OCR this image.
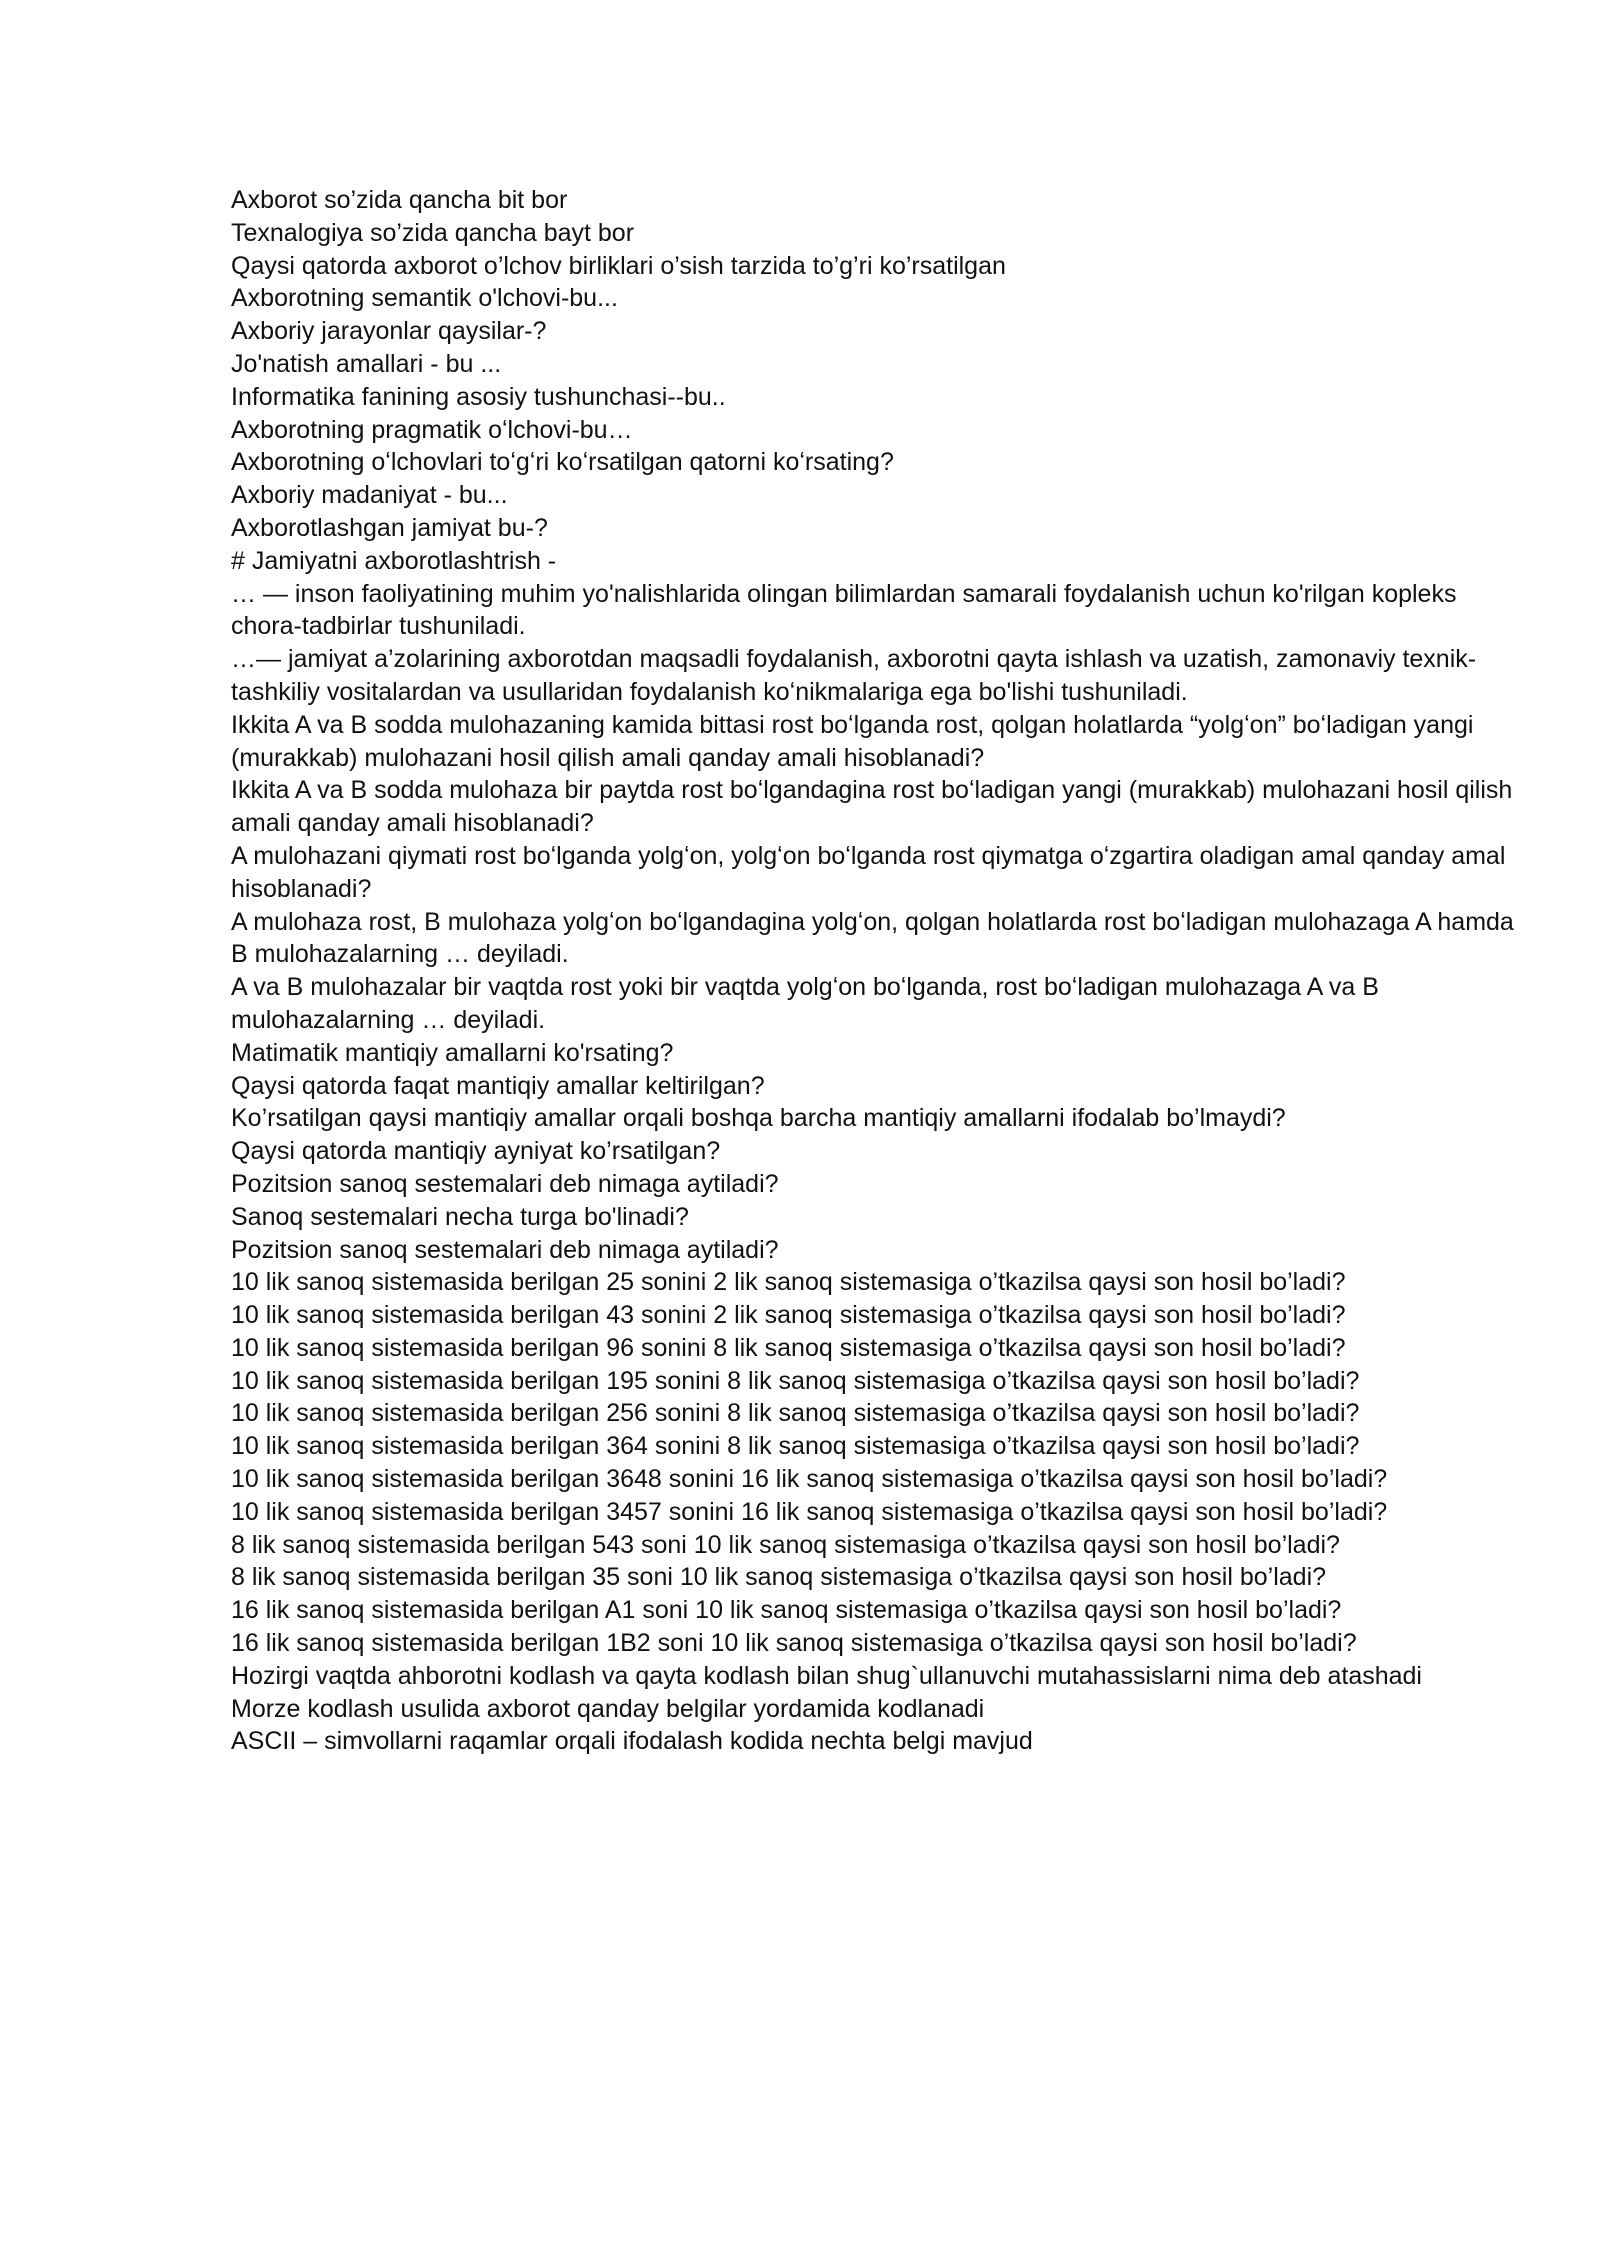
Axborot so’zida qancha bit bor

Texnalogiya so’zida qancha bayt bor

Qaysi qatorda axborot o’lchov birliklari o’sish tarzida to’g’ri ko’rsatilgan

Axborotning semantik o'lchovi-bu...

Axboriy jarayonlar qaysilar-?

Jo'natish amallari - bu ...

Informatika fanining asosiy tushunchasi--bu..

Axborotning pragmatik oʻlchovi-bu…

Axborotning oʻlchovlari toʻgʻri koʻrsatilgan qatorni koʻrsating?

Axboriy madaniyat - bu...

Axborotlashgan jamiyat bu-?

# Jamiyatni axborotlashtrish -

… — inson faoliyatining muhim yo'nalishlarida olingan bilimlardan samarali foydalanish uchun ko'rilgan kopleks chora-tadbirlar tushuniladi.

…— jamiyat a’zolarining axborotdan maqsadli foydalanish, axborotni qayta ishlash va uzatish, zamonaviy texnik-tashkiliy vositalardan va usullaridan foydalanish koʻnikmalariga ega bo'lishi tushuniladi.

Ikkita A va B sodda mulohazaning kamida bittasi rost boʻlganda rost, qolgan holatlarda “yolgʻon” boʻladigan yangi (murakkab) mulohazani hosil qilish amali qanday amali hisoblanadi?

Ikkita A va B sodda mulohaza bir paytda rost boʻlgandagina rost boʻladigan yangi (murakkab) mulohazani hosil qilish amali qanday amali hisoblanadi?

A mulohazani qiymati rost boʻlganda yolgʻon, yolgʻon boʻlganda rost qiymatga oʻzgartira oladigan amal qanday amal hisoblanadi?

A mulohaza rost, B mulohaza yolgʻon boʻlgandagina yolgʻon, qolgan holatlarda rost boʻladigan mulohazaga A hamda B mulohazalarning … deyiladi.

A va B mulohazalar bir vaqtda rost yoki bir vaqtda yolgʻon boʻlganda, rost boʻladigan mulohazaga A va B mulohazalarning … deyiladi.

Matimatik mantiqiy amallarni ko'rsating?

Qaysi qatorda faqat mantiqiy amallar keltirilgan?

Ko’rsatilgan qaysi mantiqiy amallar orqali boshqa barcha mantiqiy amallarni ifodalab bo’lmaydi?

Qaysi qatorda mantiqiy ayniyat ko’rsatilgan?

Pozitsion sanoq sestemalari deb nimaga aytiladi?

Sanoq sestemalari necha turga bo'linadi?

Pozitsion sanoq sestemalari deb nimaga aytiladi?

10 lik sanoq sistemasida berilgan 25 sonini 2 lik sanoq sistemasiga o’tkazilsa qaysi son hosil bo’ladi?

10 lik sanoq sistemasida berilgan 43 sonini 2 lik sanoq sistemasiga o’tkazilsa qaysi son hosil bo’ladi?

10 lik sanoq sistemasida berilgan 96 sonini 8 lik sanoq sistemasiga o’tkazilsa qaysi son hosil bo’ladi?

10 lik sanoq sistemasida berilgan 195 sonini 8 lik sanoq sistemasiga o’tkazilsa qaysi son hosil bo’ladi?

10 lik sanoq sistemasida berilgan 256 sonini 8 lik sanoq sistemasiga o’tkazilsa qaysi son hosil bo’ladi?

10 lik sanoq sistemasida berilgan 364 sonini 8 lik sanoq sistemasiga o’tkazilsa qaysi son hosil bo’ladi?

10 lik sanoq sistemasida berilgan 3648 sonini 16 lik sanoq sistemasiga o’tkazilsa qaysi son hosil bo’ladi?

10 lik sanoq sistemasida berilgan 3457 sonini 16 lik sanoq sistemasiga o’tkazilsa qaysi son hosil bo’ladi?

8 lik sanoq sistemasida berilgan 543 soni 10 lik sanoq sistemasiga o’tkazilsa qaysi son hosil bo’ladi?

8 lik sanoq sistemasida berilgan 35 soni 10 lik sanoq sistemasiga o’tkazilsa qaysi son hosil bo’ladi?

16 lik sanoq sistemasida berilgan A1 soni 10 lik sanoq sistemasiga o’tkazilsa qaysi son hosil bo’ladi?

16 lik sanoq sistemasida berilgan 1B2 soni 10 lik sanoq sistemasiga o’tkazilsa qaysi son hosil bo’ladi?

Hozirgi vaqtda ahborotni kodlash va qayta kodlash bilan shug`ullanuvchi mutahassislarni nima deb atashadi

Morze kodlash usulida axborot qanday belgilar yordamida kodlanadi

ASCII – simvollarni raqamlar orqali ifodalash kodida nechta belgi mavjud
